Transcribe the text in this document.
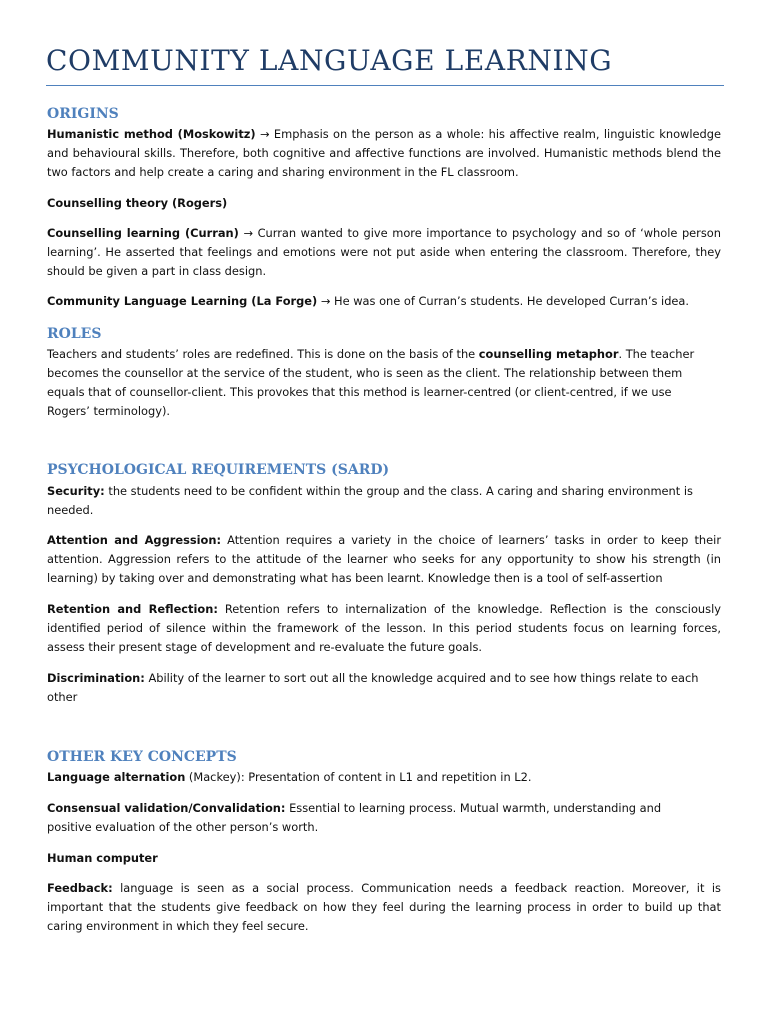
COMMUNITY LANGUAGE LEARNING
ORIGINS
Humanistic method (Moskowitz) → Emphasis on the person as a whole: his affective realm, linguistic knowledge and behavioural skills. Therefore, both cognitive and affective functions are involved. Humanistic methods blend the two factors and help create a caring and sharing environment in the FL classroom.
Counselling theory (Rogers)
Counselling learning (Curran) → Curran wanted to give more importance to psychology and so of ‘whole person learning’. He asserted that feelings and emotions were not put aside when entering the classroom. Therefore, they should be given a part in class design.
Community Language Learning (La Forge) → He was one of Curran’s students. He developed Curran’s idea.
ROLES
Teachers and students’ roles are redefined. This is done on the basis of the counselling metaphor. The teacher becomes the counsellor at the service of the student, who is seen as the client. The relationship between them equals that of counsellor-client. This provokes that this method is learner-centred (or client-centred, if we use Rogers’ terminology).
PSYCHOLOGICAL REQUIREMENTS (SARD)
Security: the students need to be confident within the group and the class. A caring and sharing environment is needed.
Attention and Aggression: Attention requires a variety in the choice of learners’ tasks in order to keep their attention. Aggression refers to the attitude of the learner who seeks for any opportunity to show his strength (in learning) by taking over and demonstrating what has been learnt. Knowledge then is a tool of self-assertion
Retention and Reflection: Retention refers to internalization of the knowledge. Reflection is the consciously identified period of silence within the framework of the lesson. In this period students focus on learning forces, assess their present stage of development and re-evaluate the future goals.
Discrimination: Ability of the learner to sort out all the knowledge acquired and to see how things relate to each other
OTHER KEY CONCEPTS
Language alternation (Mackey): Presentation of content in L1 and repetition in L2.
Consensual validation/Convalidation: Essential to learning process. Mutual warmth, understanding and positive evaluation of the other person’s worth.
Human computer
Feedback: language is seen as a social process. Communication needs a feedback reaction. Moreover, it is important that the students give feedback on how they feel during the learning process in order to build up that caring environment in which they feel secure.
